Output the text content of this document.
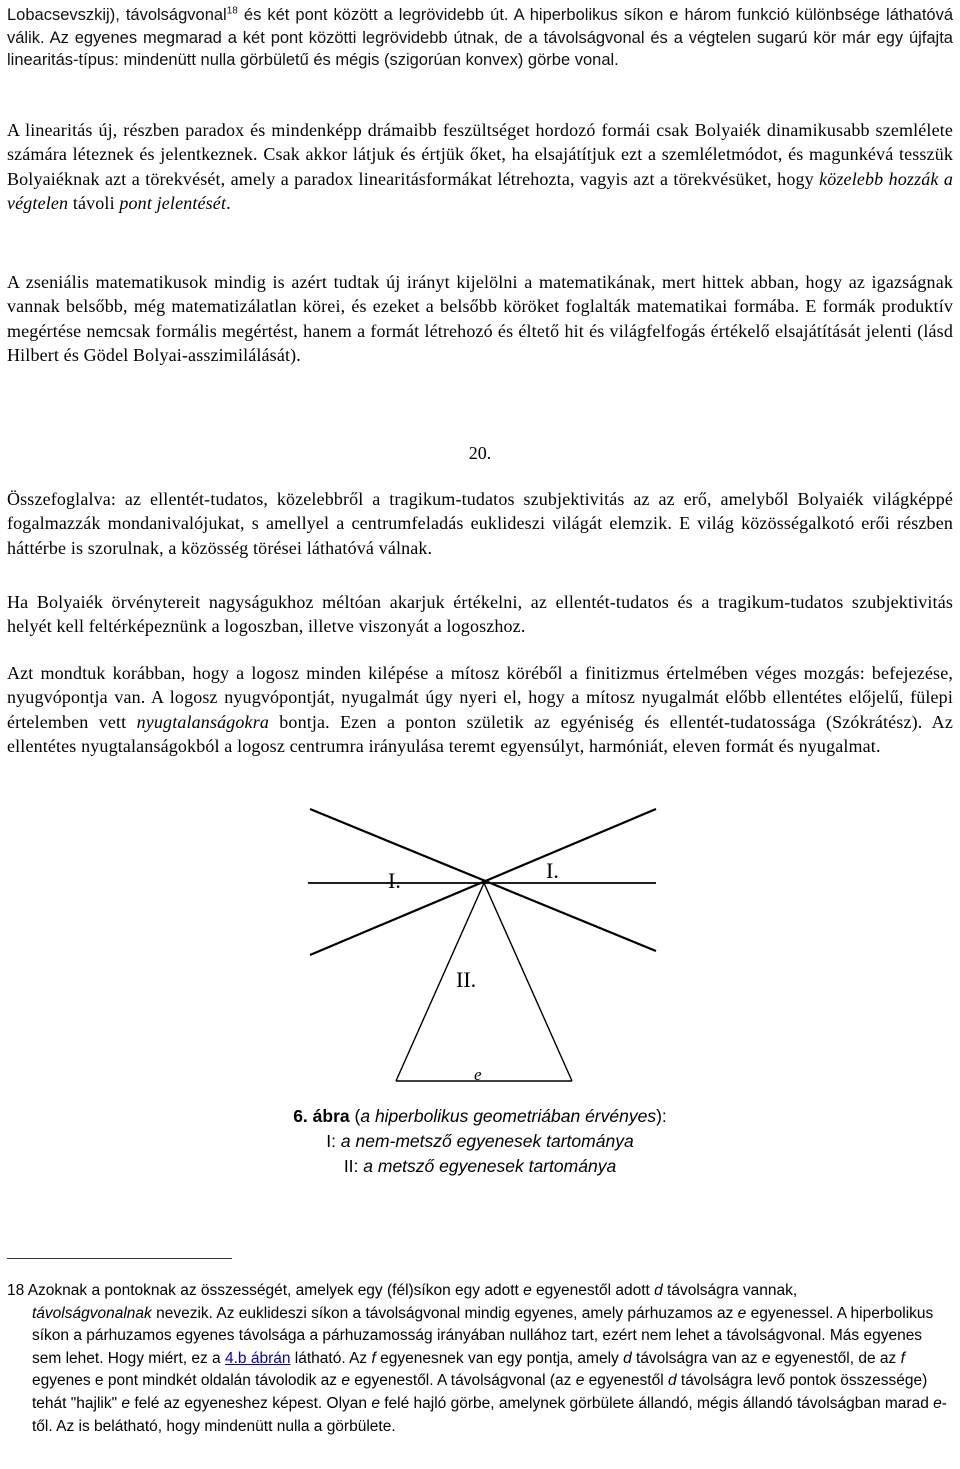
Lobacsevszkij), távolságvonal$^{18}$ és két pont között a legrövidebb út. A hiperbolikus síkon e három funkció különbsége láthatóvá válik. Az egyenes megmarad a két pont közötti legrövidebb útnak, de a távolságvonal és a végtelen sugarú kör már egy újfajta linearitás-típus: mindenütt nulla görbületű és mégis (szigorúan konvex) görbe vonal.

A linearitás új, részben paradox és mindenképp drámaibb feszültséget hordozó formái csak Bolyaiék dinamikusabb szemlélete számára léteznek és jelentkeznek. Csak akkor látjuk és értjük őket, ha elsajátítjuk ezt a szemléletmódot, és magunkévá tesszük Bolyaiéknak azt a törekvését, amely a paradox linearitásformákat létrehozta, vagyis azt a törekvésüket, hogy közelebb hozzák a végtelen távoli pont jelentését.

A zseniális matematikusok mindig is azért tudtak új irányt kijelölni a matematikának, mert hittek abban, hogy az igazságnak vannak belsőbb, még matematizálatlan körei, és ezeket a belsőbb köröket foglalták matematikai formába. E formák produktív megértése nemcsak formális megértést, hanem a formát létrehozó és éltető hit és világfelfogás értékelő elsajátítását jelenti (lásd Hilbert és Gödel Bolyai-asszimilálását).

20.

Összefoglalva: az ellentét-tudatos, közelebbről a tragikum-tudatos szubjektivitás az az erő, amelyből Bolyaiék világképpé fogalmazzák mondanivalójukat, s amellyel a centrumfeladás euklideszi világát elemzik. E világ közösségalkotó erői részben háttérbe is szorulnak, a közösség törései láthatóvá válnak.

Ha Bolyaiék örvénytereit nagyságukhoz méltóan akarjuk értékelni, az ellentét-tudatos és a tragikum-tudatos szubjektivitás helyét kell feltérképeznünk a logoszban, illetve viszonyát a logoszhoz.

Azt mondtuk korábban, hogy a logosz minden kilépése a mítosz köréből a finitizmus értelmében véges mozgás: befejezése, nyugvópontja van. A logosz nyugvópontját, nyugalmát úgy nyeri el, hogy a mítosz nyugalmát előbb ellentétes előjelű, fülepi értelemben vett nyugtalanságokra bontja. Ezen a ponton születik az egyéniség és ellentét-tudatossága (Szókrátész). Az ellentétes nyugtalanságokból a logosz centrumra irányulása teremt egyensúlyt, harmóniát, eleven formát és nyugalmat.

I.	I.
II.
e
6. ábra (a hiperbolikus geometriában érvényes):
I: a nem-metsző egyenesek tartománya
II: a metsző egyenesek tartománya

18 Azoknak a pontoknak az összességét, amelyek egy (fél)síkon egy adott e egyenestől adott d távolságra vannak,
távolságvonalnak nevezik. Az euklideszi síkon a távolságvonal mindig egyenes, amely párhuzamos az e egyenessel. A hiperbolikus síkon a párhuzamos egyenes távolsága a párhuzamosság irányában nullához tart, ezért nem lehet a távolságvonal. Más egyenes sem lehet. Hogy miért, ez a 4.b ábrán látható. Az f egyenesnek van egy pontja, amely d távolságra van az e egyenestől, de az f egyenes e pont mindkét oldalán távolodik az e egyenestől. A távolságvonal (az e egyenestől d távolságra levő pontok összessége) tehát "hajlik" e felé az egyeneshez képest. Olyan e felé hajló görbe, amelynek görbülete állandó, mégis állandó távolságban marad e-től. Az is belátható, hogy mindenütt nulla a görbülete.
